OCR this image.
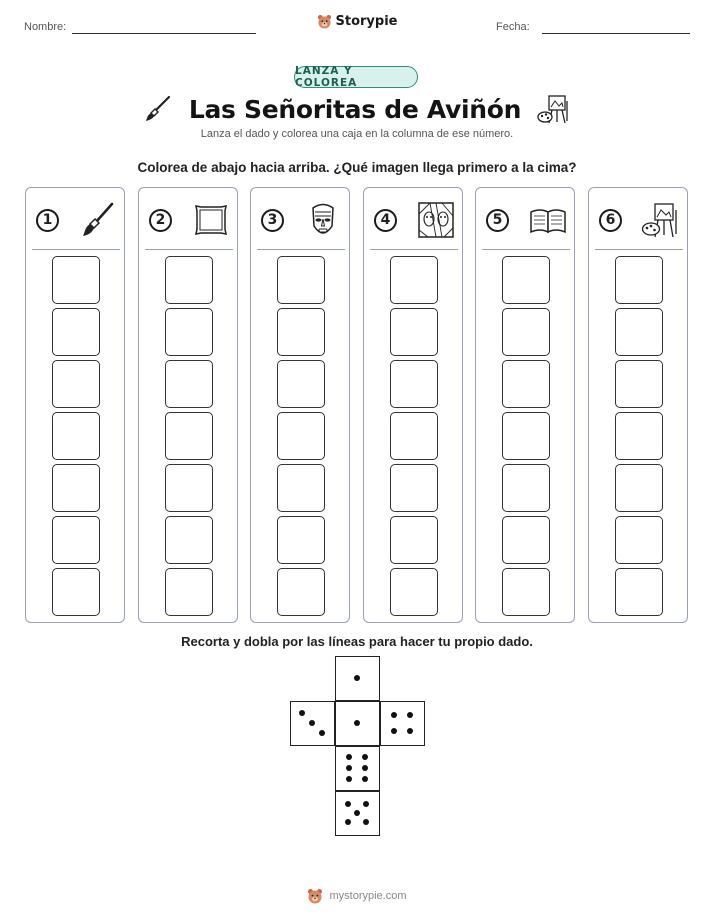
Nombre:	Storypie	Fecha:
LANZA Y COLOREA
Las Señoritas de Aviñón
Lanza el dado y colorea una caja en la columna de ese número.
Colorea de abajo hacia arriba. ¿Qué imagen llega primero a la cima?
1	2	3	4	5	6
Recorta y dobla por las líneas para hacer tu propio dado.
mystorypie.com
